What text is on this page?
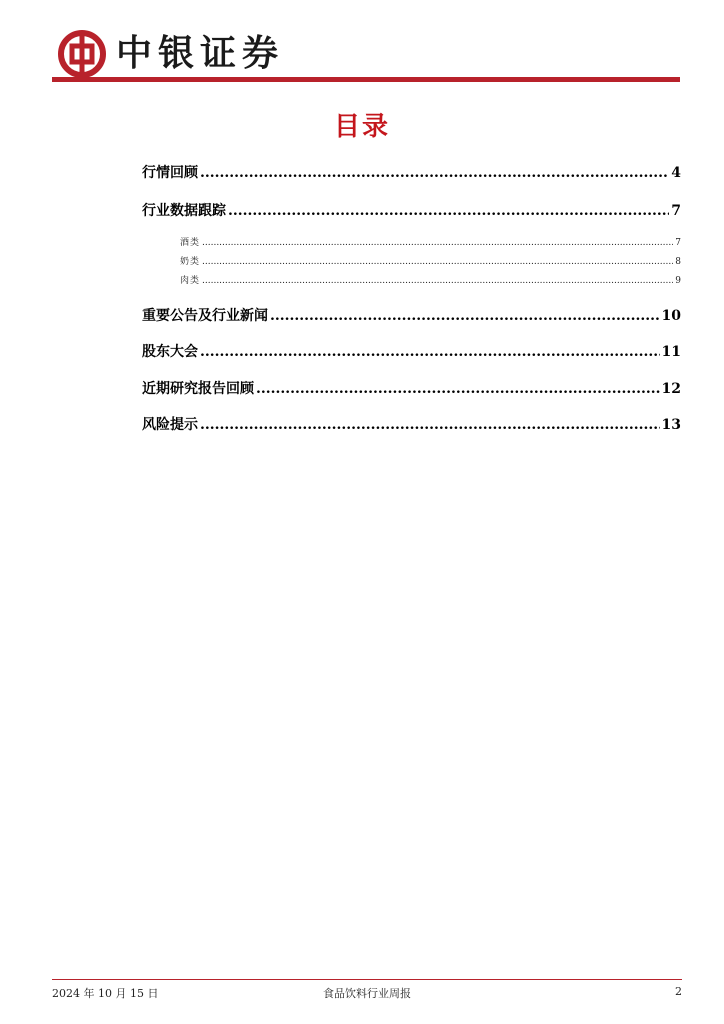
中银证券
目录
行情回顾 .....	4
行业数据跟踪 .....	7
酒类 .....	7
奶类 .....	8
肉类 .....	9
重要公告及行业新闻 .....	10
股东大会 .....	11
近期研究报告回顾 .....	12
风险提示 .....	13
2024 年 10 月 15 日	食品饮料行业周报	2
